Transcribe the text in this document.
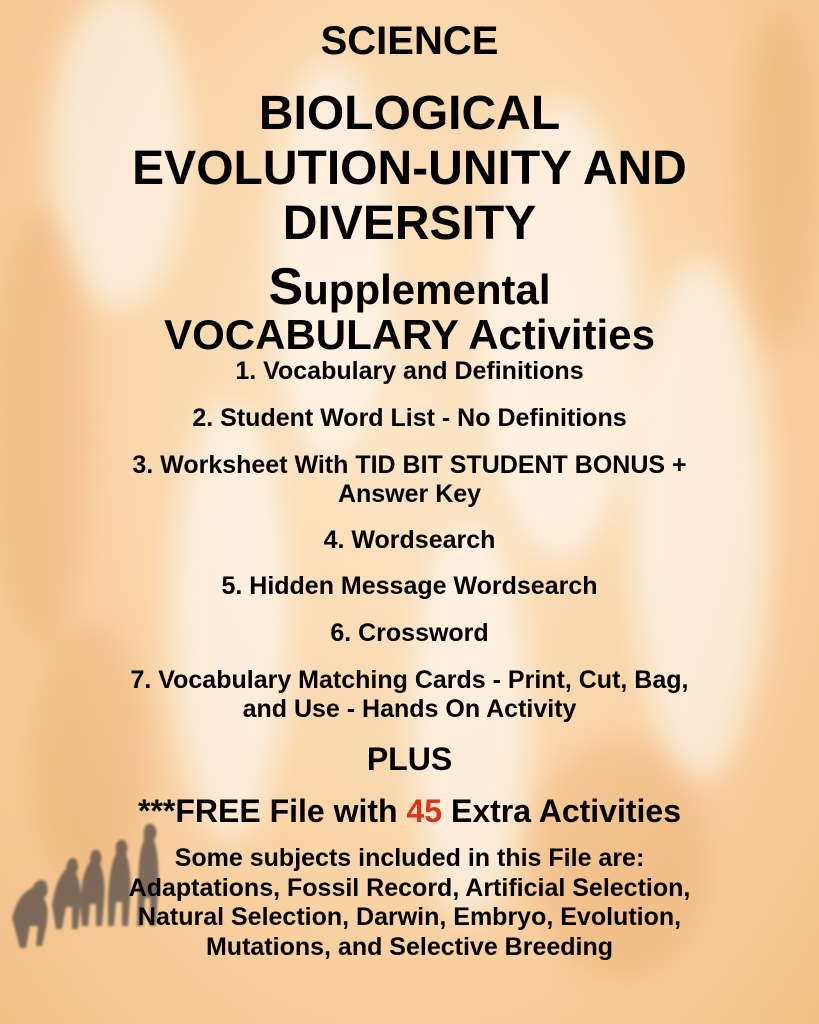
SCIENCE
BIOLOGICAL
EVOLUTION-UNITY AND
DIVERSITY
Supplemental
VOCABULARY Activities
1. Vocabulary and Definitions
2. Student Word List - No Definitions
3. Worksheet With TID BIT STUDENT BONUS +
Answer Key
4. Wordsearch
5. Hidden Message Wordsearch
6. Crossword
7. Vocabulary Matching Cards - Print, Cut, Bag,
and Use - Hands On Activity
PLUS
***FREE File with 45 Extra Activities
Some subjects included in this File are:
Adaptations, Fossil Record, Artificial Selection,
Natural Selection, Darwin, Embryo, Evolution,
Mutations, and Selective Breeding
